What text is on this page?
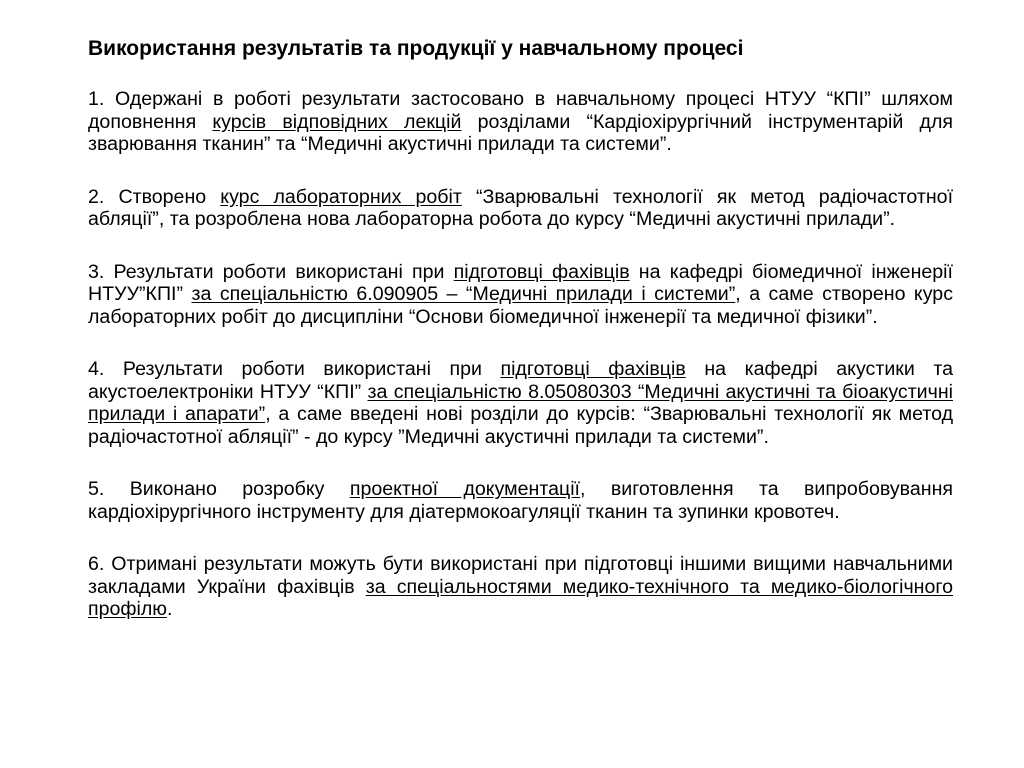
Використання результатів та продукції у навчальному процесі

1. Одержані в роботі результати застосовано в навчальному процесі НТУУ “КПІ” шляхом доповнення курсів відповідних лекцій розділами “Кардіохірургічний інструментарій для зварювання тканин” та “Медичні акустичні прилади та системи”.

2. Створено курс лабораторних робіт “Зварювальні технології як метод радіочастотної абляції”, та розроблена нова лабораторна робота до курсу “Медичні акустичні прилади”.

3. Результати роботи використані при підготовці фахівців на кафедрі біомедичної інженерії НТУУ”КПІ” за спеціальністю 6.090905 – “Медичні прилади і системи”, а саме створено курс лабораторних робіт до дисципліни “Основи біомедичної інженерії та медичної фізики”.

4. Результати роботи використані при підготовці фахівців на кафедрі акустики та акустоелектроніки НТУУ “КПІ” за спеціальністю 8.05080303 “Медичні акустичні та біоакустичні прилади і апарати”, а саме введені нові розділи до курсів: “Зварювальні технології як метод радіочастотної абляції” - до курсу ”Медичні акустичні прилади та системи”.

5. Виконано розробку проектної документації, виготовлення та випробовування кардіохірургічного інструменту для діатермокоагуляції тканин та зупинки кровотеч.

6. Отримані результати можуть бути використані при підготовці іншими вищими навчальними закладами України фахівців за спеціальностями медико-технічного та медико-біологічного профілю.
